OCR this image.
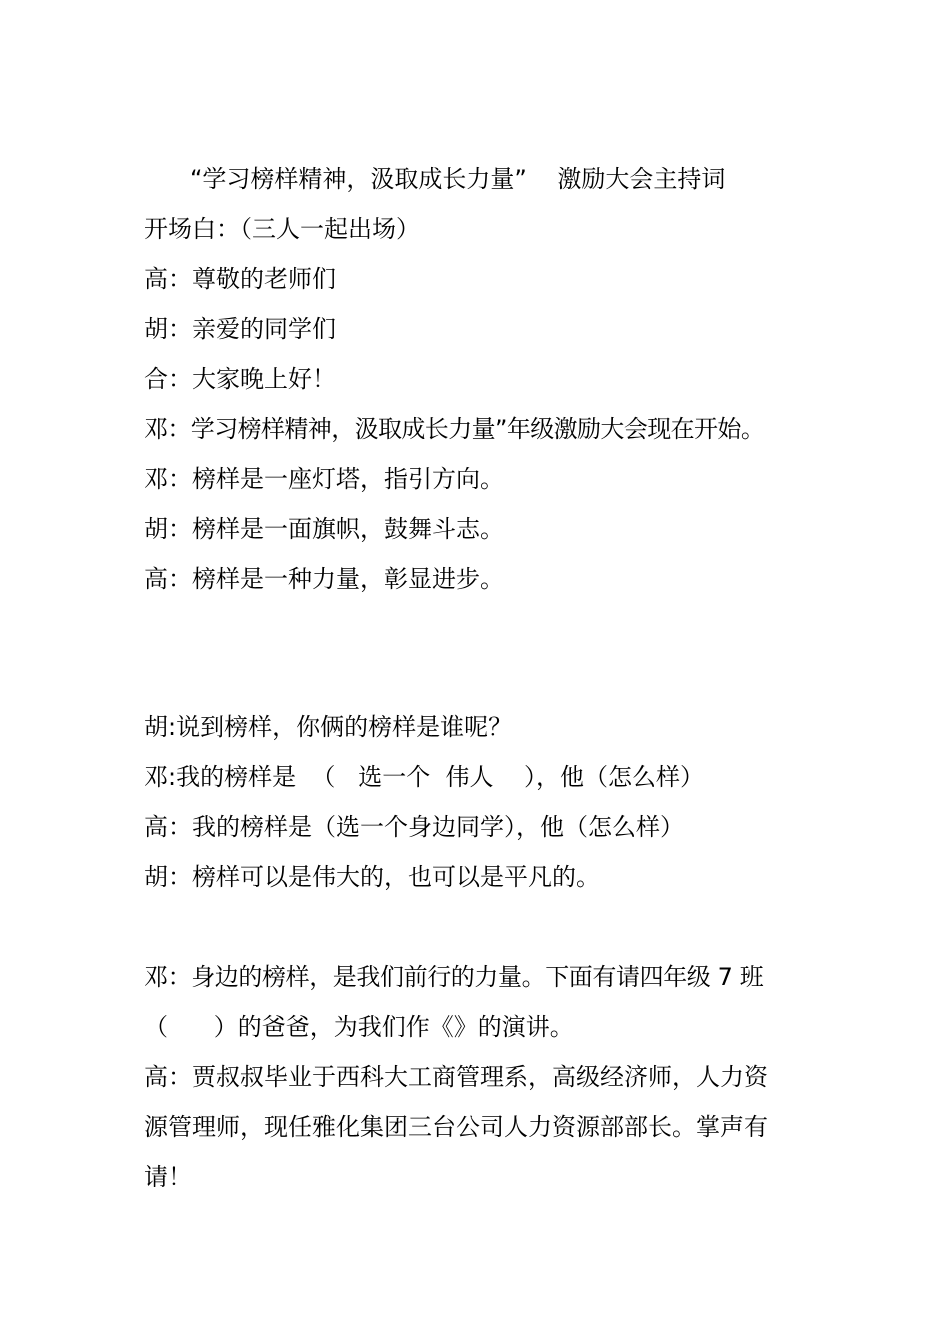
“学习榜样精神，汲取成长力量”    激励大会主持词
开场白：（三人一起出场）
高：尊敬的老师们
胡：亲爱的同学们
合：大家晚上好！
邓：学习榜样精神，汲取成长力量”年级激励大会现在开始。
邓：榜样是一座灯塔，指引方向。
胡：榜样是一面旗帜，鼓舞斗志。
高：榜样是一种力量，彰显进步。
胡:说到榜样，你俩的榜样是谁呢？
邓:我的榜样是  （   选一个  伟人    ），他（怎么样）
高：我的榜样是（选一个身边同学），他（怎么样）
胡：榜样可以是伟大的，也可以是平凡的。
邓：身边的榜样，是我们前行的力量。下面有请四年级 7 班
（      ）的爸爸，为我们作《》的演讲。
高：贾叔叔毕业于西科大工商管理系，高级经济师，人力资
源管理师，现任雅化集团三台公司人力资源部部长。掌声有
请！
